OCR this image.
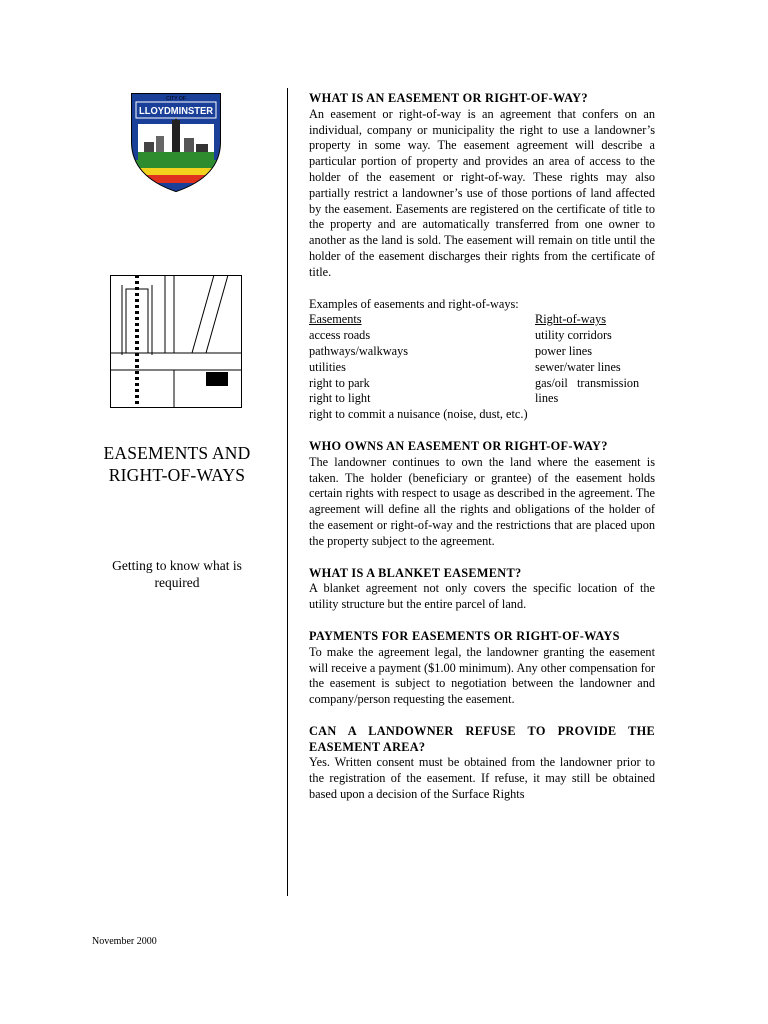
CITY OF
LLOYDMINSTER
EASEMENTS AND
RIGHT-OF-WAYS
Getting to know what is
required
November 2000
WHAT IS AN EASEMENT OR RIGHT-OF-WAY?

An easement or right-of-way is an agreement that confers on an individual, company or municipality the right to use a landowner’s property in some way. The easement agreement will describe a particular portion of property and provides an area of access to the holder of the easement or right-of-way. These rights may also partially restrict a landowner’s use of those portions of land affected by the easement. Easements are registered on the certificate of title to the property and are automatically transferred from one owner to another as the land is sold. The easement will remain on title until the holder of the easement discharges their rights from the certificate of title.

Examples of easements and right-of-ways:

Easements
access roads
pathways/walkways
utilities
right to park
right to light
Right-of-ways
utility corridors
power lines
sewer/water lines
gas/oil   transmission
lines

right to commit a nuisance (noise, dust, etc.)

WHO OWNS AN EASEMENT OR RIGHT-OF-WAY?

The landowner continues to own the land where the easement is taken. The holder (beneficiary or grantee) of the easement holds certain rights with respect to usage as described in the agreement. The agreement will define all the rights and obligations of the holder of the easement or right-of-way and the restrictions that are placed upon the property subject to the agreement.

WHAT IS A BLANKET EASEMENT?

A blanket agreement not only covers the specific location of the utility structure but the entire parcel of land.

PAYMENTS FOR EASEMENTS OR RIGHT-OF-WAYS

To make the agreement legal, the landowner granting the easement will receive a payment ($1.00 minimum). Any other compensation for the easement is subject to negotiation between the landowner and company/person requesting the easement.

CAN A LANDOWNER REFUSE TO PROVIDE THE EASEMENT AREA?

Yes. Written consent must be obtained from the landowner prior to the registration of the easement. If refuse, it may still be obtained based upon a decision of the Surface Rights
